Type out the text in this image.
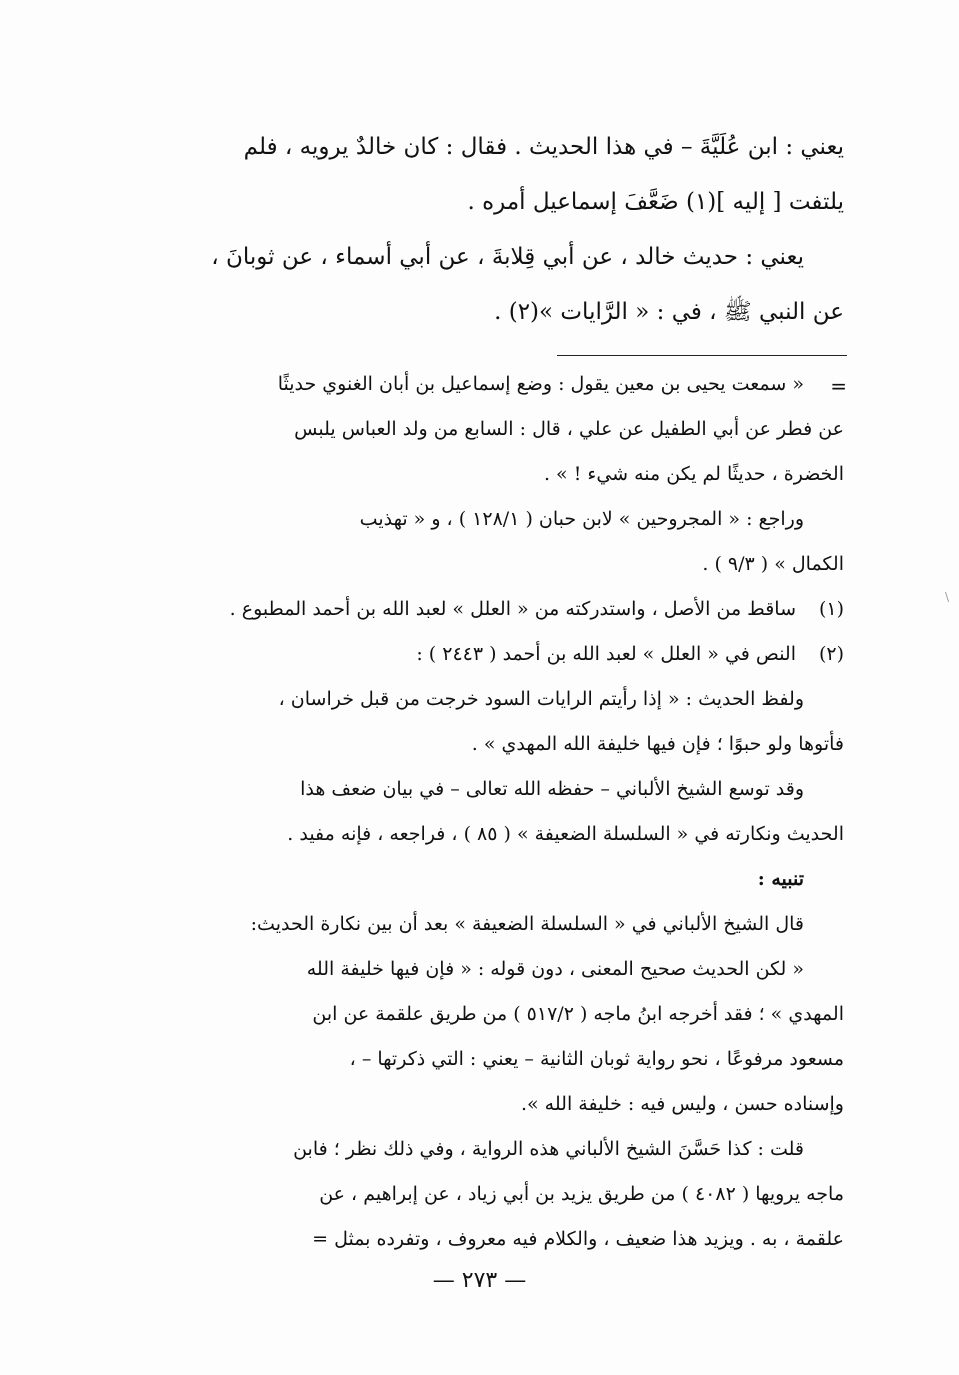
يعني : ابن عُلَيَّةَ – في هذا الحديث . فقال : كان خالدٌ يرويه ، فلم
يلتفت [ إليه ](١) ضَعَّفَ إسماعيل أمره .
يعني : حديث خالد ، عن أبي قِلابةَ ، عن أبي أسماء ، عن ثوبانَ ،
عن النبي ﷺ ، في : « الرَّايات »(٢) .
=
« سمعت يحيى بن معين يقول : وضع إسماعيل بن أبان الغنوي حديثًا
عن فطر عن أبي الطفيل عن علي ، قال : السابع من ولد العباس يلبس
الخضرة ، حديثًا لم يكن منه شيء ! » .
وراجع : « المجروحين » لابن حبان ( ١٢٨/١ ) ، و « تهذيب
الكمال » ( ٩/٣ ) .
(١)ساقط من الأصل ، واستدركته من « العلل » لعبد الله بن أحمد المطبوع .
(٢)النص في « العلل » لعبد الله بن أحمد ( ٢٤٤٣ ) :
ولفظ الحديث : « إذا رأيتم الرايات السود خرجت من قبل خراسان ،
فأتوها ولو حبوًا ؛ فإن فيها خليفة الله المهدي » .
وقد توسع الشيخ الألباني – حفظه الله تعالى – في بيان ضعف هذا
الحديث ونكارته في « السلسلة الضعيفة » ( ٨٥ ) ، فراجعه ، فإنه مفيد .
تنبيه :
قال الشيخ الألباني في « السلسلة الضعيفة » بعد أن بين نكارة الحديث:
« لكن الحديث صحيح المعنى ، دون قوله : « فإن فيها خليفة الله
المهدي » ؛ فقد أخرجه ابنُ ماجه ( ٥١٧/٢ ) من طريق علقمة عن ابن
مسعود مرفوعًا ، نحو رواية ثوبان الثانية – يعني : التي ذكرتها – ،
وإسناده حسن ، وليس فيه : خليفة الله ».
قلت : كذا حَسَّنَ الشيخ الألباني هذه الرواية ، وفي ذلك نظر ؛ فابن
ماجه يرويها ( ٤٠٨٢ ) من طريق يزيد بن أبي زياد ، عن إبراهيم ، عن
علقمة ، به . ويزيد هذا ضعيف ، والكلام فيه معروف ، وتفرده بمثل =
— ٢٧٣ —
\
